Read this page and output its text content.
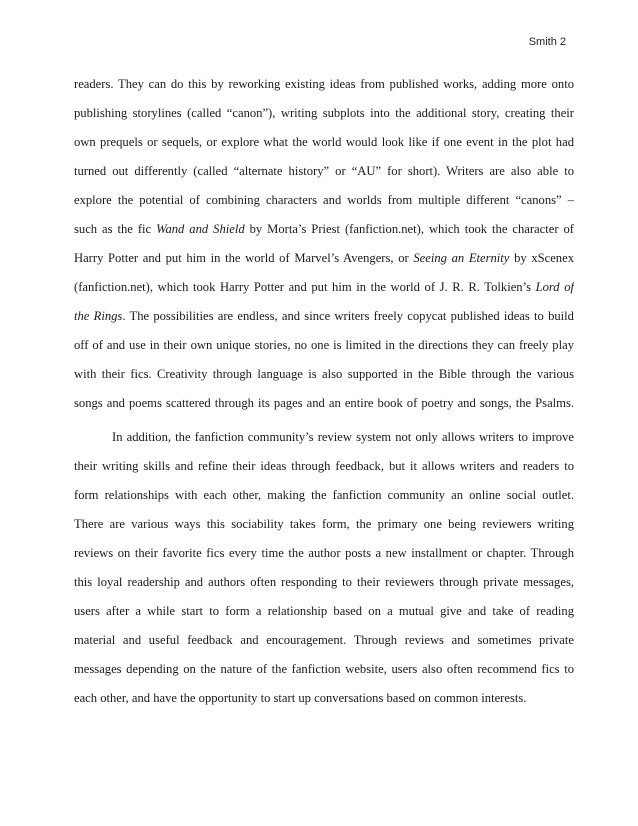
Smith 2
readers. They can do this by reworking existing ideas from published works, adding more onto
publishing storylines (called “canon”), writing subplots into the additional story, creating their
own prequels or sequels, or explore what the world would look like if one event in the plot had
turned out differently (called “alternate history” or “AU” for short). Writers are also able to
explore the potential of combining characters and worlds from multiple different “canons” –
such as the fic Wand and Shield by Morta’s Priest (fanfiction.net), which took the character of
Harry Potter and put him in the world of Marvel’s Avengers, or Seeing an Eternity by xScenex
(fanfiction.net), which took Harry Potter and put him in the world of J. R. R. Tolkien’s Lord of
the Rings. The possibilities are endless, and since writers freely copycat published ideas to build
off of and use in their own unique stories, no one is limited in the directions they can freely play
with their fics. Creativity through language is also supported in the Bible through the various
songs and poems scattered through its pages and an entire book of poetry and songs, the Psalms.
In addition, the fanfiction community’s review system not only allows writers to improve
their writing skills and refine their ideas through feedback, but it allows writers and readers to
form relationships with each other, making the fanfiction community an online social outlet.
There are various ways this sociability takes form, the primary one being reviewers writing
reviews on their favorite fics every time the author posts a new installment or chapter. Through
this loyal readership and authors often responding to their reviewers through private messages,
users after a while start to form a relationship based on a mutual give and take of reading
material and useful feedback and encouragement. Through reviews and sometimes private
messages depending on the nature of the fanfiction website, users also often recommend fics to
each other, and have the opportunity to start up conversations based on common interests.
